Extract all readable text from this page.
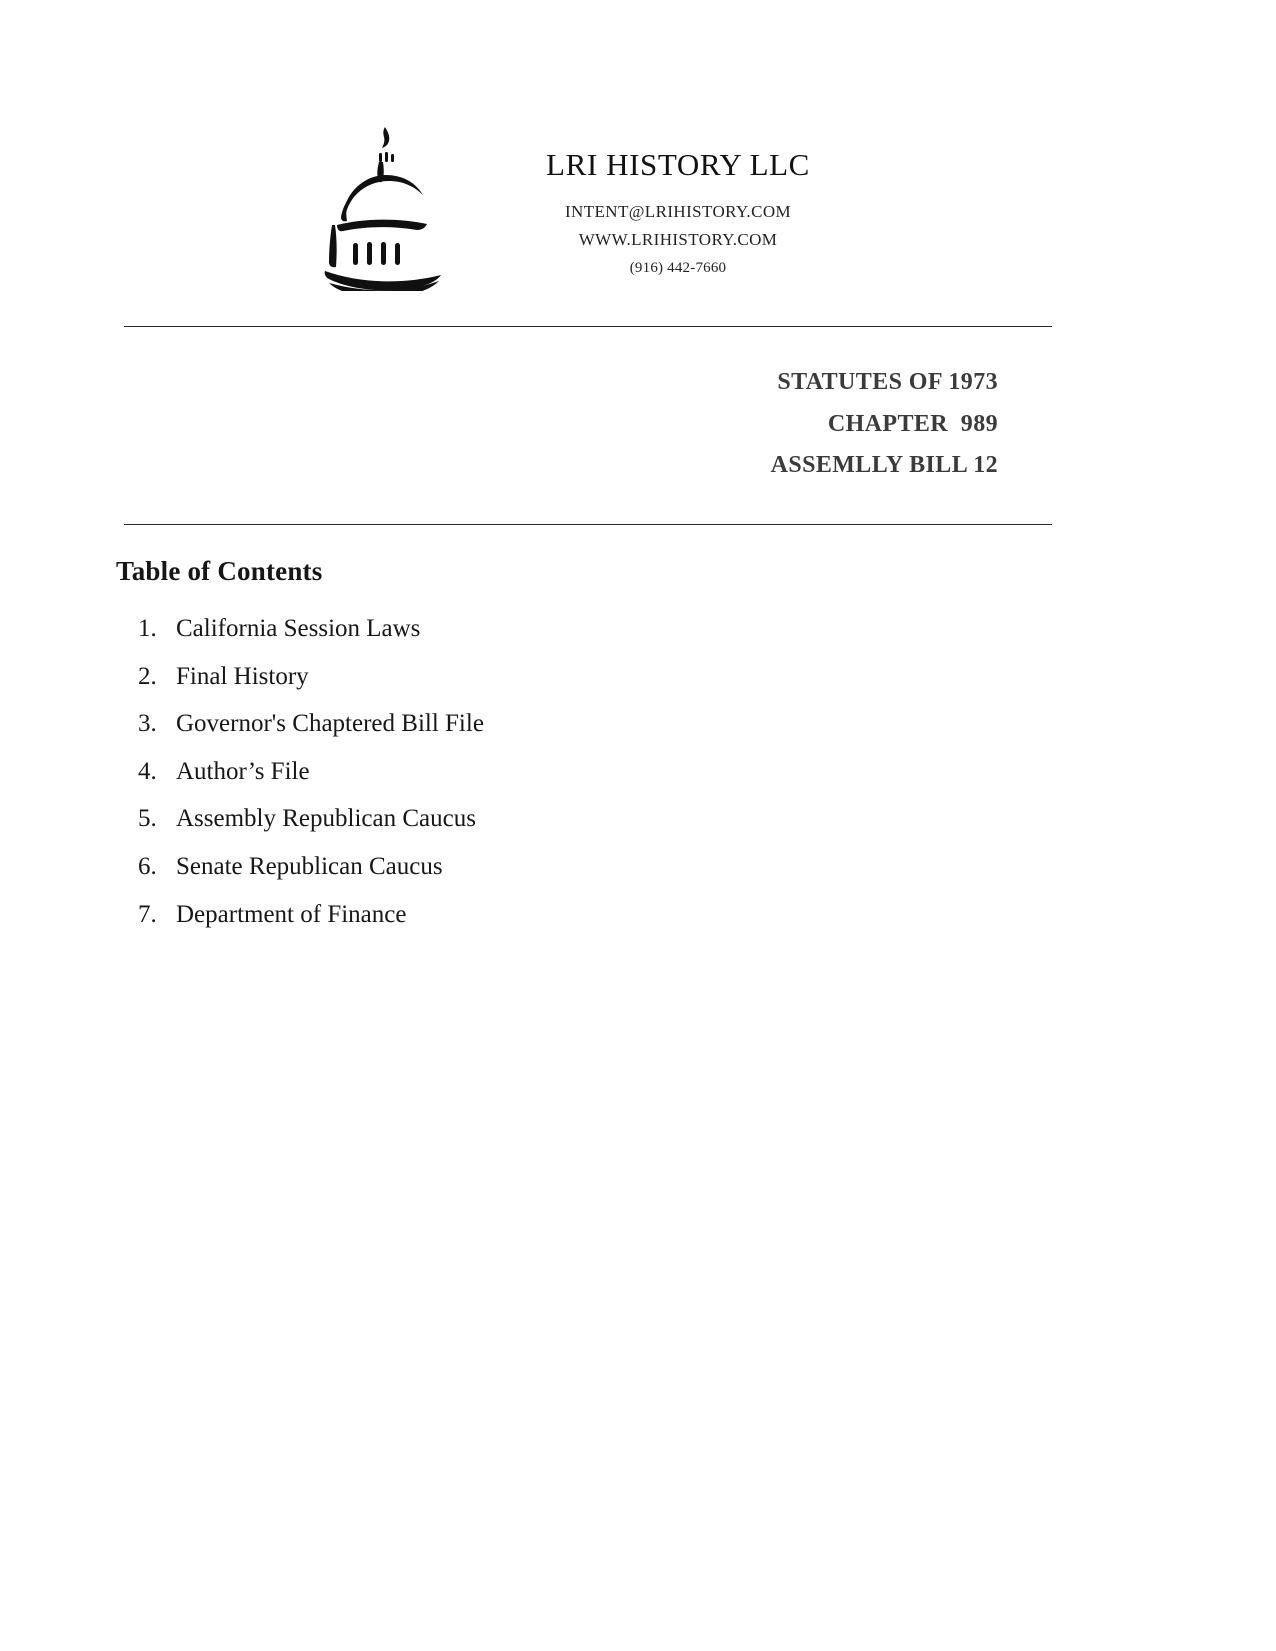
LRI HISTORY LLC
INTENT@LRIHISTORY.COM
WWW.LRIHISTORY.COM
(916) 442-7660
STATUTES OF 1973
CHAPTER  989
ASSEMLLY BILL 12
Table of Contents
1. California Session Laws
2. Final History
3. Governor's Chaptered Bill File
4. Author’s File
5. Assembly Republican Caucus
6. Senate Republican Caucus
7. Department of Finance
